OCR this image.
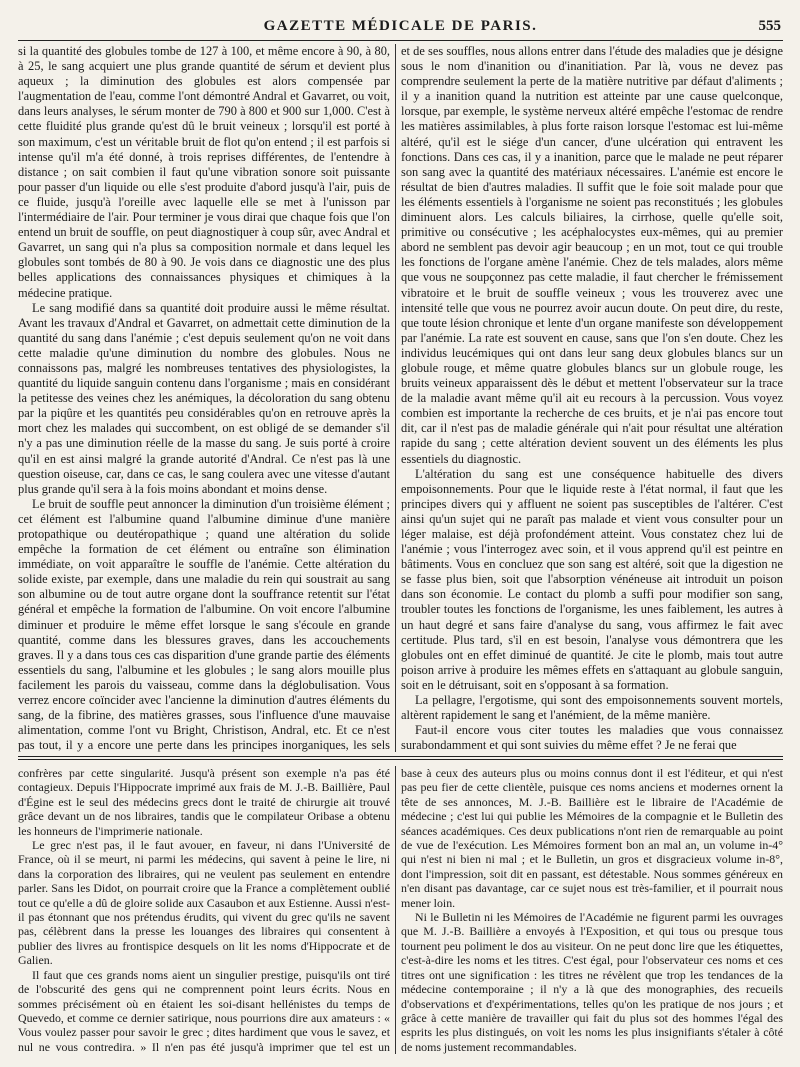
GAZETTE MÉDICALE DE PARIS.	555

si la quantité des globules tombe de 127 à 100, et même encore à 90, à 80, à 25, le sang acquiert une plus grande quantité de sérum et devient plus aqueux ; la diminution des globules est alors compensée par l'augmentation de l'eau, comme l'ont démontré Andral et Gavarret, ou voit, dans leurs analyses, le sérum monter de 790 à 800 et 900 sur 1,000. C'est à cette fluidité plus grande qu'est dû le bruit veineux ; lorsqu'il est porté à son maximum, c'est un véritable bruit de flot qu'on entend ; il est parfois si intense qu'il m'a été donné, à trois reprises différentes, de l'entendre à distance ; on sait combien il faut qu'une vibration sonore soit puissante pour passer d'un liquide ou elle s'est produite d'abord jusqu'à l'air, puis de ce fluide, jusqu'à l'oreille avec laquelle elle se met à l'unisson par l'intermédiaire de l'air. Pour terminer je vous dirai que chaque fois que l'on entend un bruit de souffle, on peut diagnostiquer à coup sûr, avec Andral et Gavarret, un sang qui n'a plus sa composition normale et dans lequel les globules sont tombés de 80 à 90. Je vois dans ce diagnostic une des plus belles applications des connaissances physiques et chimiques à la médecine pratique.

Le sang modifié dans sa quantité doit produire aussi le même résultat. Avant les travaux d'Andral et Gavarret, on admettait cette diminution de la quantité du sang dans l'anémie ; c'est depuis seulement qu'on ne voit dans cette maladie qu'une diminution du nombre des globules. Nous ne connaissons pas, malgré les nombreuses tentatives des physiologistes, la quantité du liquide sanguin contenu dans l'organisme ; mais en considérant la petitesse des veines chez les anémiques, la décoloration du sang obtenu par la piqûre et les quantités peu considérables qu'on en retrouve après la mort chez les malades qui succombent, on est obligé de se demander s'il n'y a pas une diminution réelle de la masse du sang. Je suis porté à croire qu'il en est ainsi malgré la grande autorité d'Andral. Ce n'est pas là une question oiseuse, car, dans ce cas, le sang coulera avec une vitesse d'autant plus grande qu'il sera à la fois moins abondant et moins dense.

Le bruit de souffle peut annoncer la diminution d'un troisième élément ; cet élément est l'albumine quand l'albumine diminue d'une manière protopathique ou deutéropathique ; quand une altération du solide empêche la formation de cet élément ou entraîne son élimination immédiate, on voit apparaître le souffle de l'anémie. Cette altération du solide existe, par exemple, dans une maladie du rein qui soustrait au sang son albumine ou de tout autre organe dont la souffrance retentit sur l'état général et empêche la formation de l'albumine. On voit encore l'albumine diminuer et produire le même effet lorsque le sang s'écoule en grande quantité, comme dans les blessures graves, dans les accouchements graves. Il y a dans tous ces cas disparition d'une grande partie des éléments essentiels du sang, l'albumine et les globules ; le sang alors mouille plus facilement les parois du vaisseau, comme dans la déglobulisation. Vous verrez encore coïncider avec l'ancienne la diminution d'autres éléments du sang, de la fibrine, des matières grasses, sous l'influence d'une mauvaise alimentation, comme l'ont vu Bright, Christison, Andral, etc. Et ce n'est pas tout, il y a encore une perte dans les principes inorganiques, les sels

et de ses souffles, nous allons entrer dans l'étude des maladies que je désigne sous le nom d'inanition ou d'inanitiation. Par là, vous ne devez pas comprendre seulement la perte de la matière nutritive par défaut d'aliments ; il y a inanition quand la nutrition est atteinte par une cause quelconque, lorsque, par exemple, le système nerveux altéré empêche l'estomac de rendre les matières assimilables, à plus forte raison lorsque l'estomac est lui-même altéré, qu'il est le siége d'un cancer, d'une ulcération qui entravent les fonctions. Dans ces cas, il y a inanition, parce que le malade ne peut réparer son sang avec la quantité des matériaux nécessaires. L'anémie est encore le résultat de bien d'autres maladies. Il suffit que le foie soit malade pour que les éléments essentiels à l'organisme ne soient pas reconstitués ; les globules diminuent alors. Les calculs biliaires, la cirrhose, quelle qu'elle soit, primitive ou consécutive ; les acéphalocystes eux-mêmes, qui au premier abord ne semblent pas devoir agir beaucoup ; en un mot, tout ce qui trouble les fonctions de l'organe amène l'anémie. Chez de tels malades, alors même que vous ne soupçonnez pas cette maladie, il faut chercher le frémissement vibratoire et le bruit de souffle veineux ; vous les trouverez avec une intensité telle que vous ne pourrez avoir aucun doute. On peut dire, du reste, que toute lésion chronique et lente d'un organe manifeste son développement par l'anémie. La rate est souvent en cause, sans que l'on s'en doute. Chez les individus leucémiques qui ont dans leur sang deux globules blancs sur un globule rouge, et même quatre globules blancs sur un globule rouge, les bruits veineux apparaissent dès le début et mettent l'observateur sur la trace de la maladie avant même qu'il ait eu recours à la percussion. Vous voyez combien est importante la recherche de ces bruits, et je n'ai pas encore tout dit, car il n'est pas de maladie générale qui n'ait pour résultat une altération rapide du sang ; cette altération devient souvent un des éléments les plus essentiels du diagnostic.

L'altération du sang est une conséquence habituelle des divers empoisonnements. Pour que le liquide reste à l'état normal, il faut que les principes divers qui y affluent ne soient pas susceptibles de l'altérer. C'est ainsi qu'un sujet qui ne paraît pas malade et vient vous consulter pour un léger malaise, est déjà profondément atteint. Vous constatez chez lui de l'anémie ; vous l'interrogez avec soin, et il vous apprend qu'il est peintre en bâtiments. Vous en concluez que son sang est altéré, soit que la digestion ne se fasse plus bien, soit que l'absorption vénéneuse ait introduit un poison dans son économie. Le contact du plomb a suffi pour modifier son sang, troubler toutes les fonctions de l'organisme, les unes faiblement, les autres à un haut degré et sans faire d'analyse du sang, vous affirmez le fait avec certitude. Plus tard, s'il en est besoin, l'analyse vous démontrera que les globules ont en effet diminué de quantité. Je cite le plomb, mais tout autre poison arrive à produire les mêmes effets en s'attaquant au globule sanguin, soit en le détruisant, soit en s'opposant à sa formation.

La pellagre, l'ergotisme, qui sont des empoisonnements souvent mortels, altèrent rapidement le sang et l'anémient, de la même manière.

Faut-il encore vous citer toutes les maladies que vous connaissez surabondamment et qui sont suivies du même effet ? Je ne ferai que

confrères par cette singularité. Jusqu'à présent son exemple n'a pas été contagieux. Depuis l'Hippocrate imprimé aux frais de M. J.-B. Baillière, Paul d'Égine est le seul des médecins grecs dont le traité de chirurgie ait trouvé grâce devant un de nos libraires, tandis que le compilateur Oribase a obtenu les honneurs de l'imprimerie nationale.

Le grec n'est pas, il le faut avouer, en faveur, ni dans l'Université de France, où il se meurt, ni parmi les médecins, qui savent à peine le lire, ni dans la corporation des libraires, qui ne veulent pas seulement en entendre parler. Sans les Didot, on pourrait croire que la France a complètement oublié tout ce qu'elle a dû de gloire solide aux Casaubon et aux Estienne. Aussi n'est-il pas étonnant que nos prétendus érudits, qui vivent du grec qu'ils ne savent pas, célèbrent dans la presse les louanges des libraires qui consentent à publier des livres au frontispice desquels on lit les noms d'Hippocrate et de Galien.

Il faut que ces grands noms aient un singulier prestige, puisqu'ils ont tiré de l'obscurité des gens qui ne comprennent point leurs écrits. Nous en sommes précisément où en étaient les soi-disant hellénistes du temps de Quevedo, et comme ce dernier satirique, nous pourrions dire aux amateurs : « Vous voulez passer pour savoir le grec ; dites hardiment que vous le savez, et nul ne vous contredira. » Il n'en pas été jusqu'à imprimer que tel est un

base à ceux des auteurs plus ou moins connus dont il est l'éditeur, et qui n'est pas peu fier de cette clientèle, puisque ces noms anciens et modernes ornent la tête de ses annonces, M. J.-B. Baillière est le libraire de l'Académie de médecine ; c'est lui qui publie les Mémoires de la compagnie et le Bulletin des séances académiques. Ces deux publications n'ont rien de remarquable au point de vue de l'exécution. Les Mémoires forment bon an mal an, un volume in-4° qui n'est ni bien ni mal ; et le Bulletin, un gros et disgracieux volume in-8°, dont l'impression, soit dit en passant, est détestable. Nous sommes généreux en n'en disant pas davantage, car ce sujet nous est très-familier, et il pourrait nous mener loin.

Ni le Bulletin ni les Mémoires de l'Académie ne figurent parmi les ouvrages que M. J.-B. Baillière a envoyés à l'Exposition, et qui tous ou presque tous tournent peu poliment le dos au visiteur. On ne peut donc lire que les étiquettes, c'est-à-dire les noms et les titres. C'est égal, pour l'observateur ces noms et ces titres ont une signification : les titres ne révèlent que trop les tendances de la médecine contemporaine ; il n'y a là que des monographies, des recueils d'observations et d'expérimentations, telles qu'on les pratique de nos jours ; et grâce à cette manière de travailler qui fait du plus sot des hommes l'égal des esprits les plus distingués, on voit les noms les plus insignifiants s'étaler à côté de noms justement recommandables.
